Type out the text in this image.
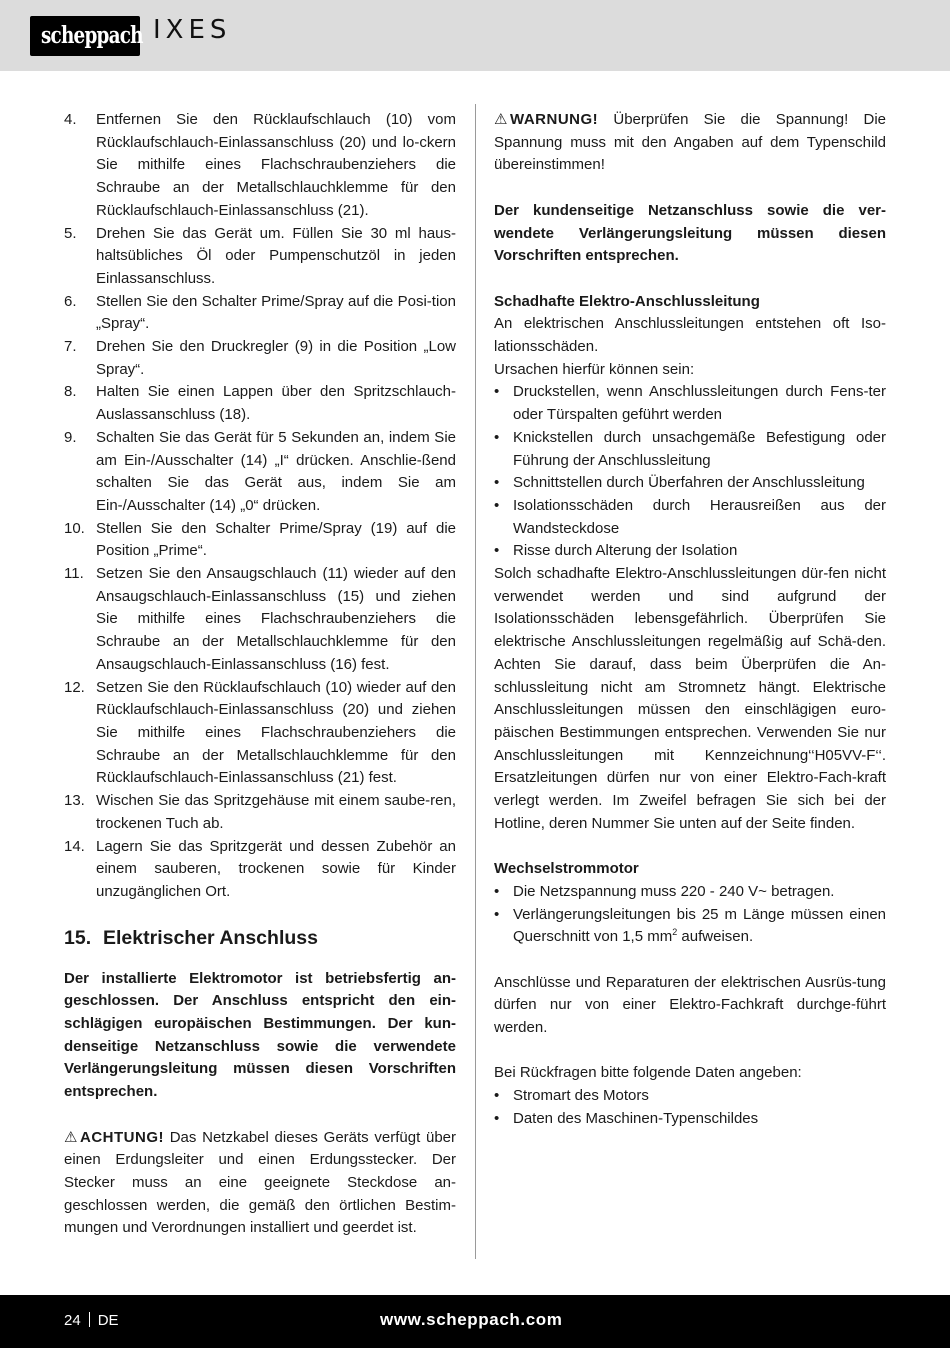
scheppach IXES
4. Entfernen Sie den Rücklaufschlauch (10) vom Rücklaufschlauch-Einlassanschluss (20) und lo-ckern Sie mithilfe eines Flachschraubenziehers die Schraube an der Metallschlauchklemme für den Rücklaufschlauch-Einlassanschluss (21).
5. Drehen Sie das Gerät um. Füllen Sie 30 ml haus-haltsübliches Öl oder Pumpenschutzöl in jeden Einlassanschluss.
6. Stellen Sie den Schalter Prime/Spray auf die Posi-tion „Spray“.
7. Drehen Sie den Druckregler (9) in die Position „Low Spray“.
8. Halten Sie einen Lappen über den Spritzschlauch-Auslassanschluss (18).
9. Schalten Sie das Gerät für 5 Sekunden an, indem Sie am Ein-/Ausschalter (14) „I“ drücken. Anschlie-ßend schalten Sie das Gerät aus, indem Sie am Ein-/Ausschalter (14) „0“ drücken.
10. Stellen Sie den Schalter Prime/Spray (19) auf die Position „Prime“.
11. Setzen Sie den Ansaugschlauch (11) wieder auf den Ansaugschlauch-Einlassanschluss (15) und ziehen Sie mithilfe eines Flachschraubenziehers die Schraube an der Metallschlauchklemme für den Ansaugschlauch-Einlassanschluss (16) fest.
12. Setzen Sie den Rücklaufschlauch (10) wieder auf den Rücklaufschlauch-Einlassanschluss (20) und ziehen Sie mithilfe eines Flachschraubenziehers die Schraube an der Metallschlauchklemme für den Rücklaufschlauch-Einlassanschluss (21) fest.
13. Wischen Sie das Spritzgehäuse mit einem saube-ren, trockenen Tuch ab.
14. Lagern Sie das Spritzgerät und dessen Zubehör an einem sauberen, trockenen sowie für Kinder unzugänglichen Ort.
15. Elektrischer Anschluss

Der installierte Elektromotor ist betriebsfertig an-geschlossen. Der Anschluss entspricht den ein-schlägigen europäischen Bestimmungen. Der kun-denseitige Netzanschluss sowie die verwendete Verlängerungsleitung müssen diesen Vorschriften entsprechen.

⚠ ACHTUNG! Das Netzkabel dieses Geräts verfügt über einen Erdungsleiter und einen Erdungsstecker. Der Stecker muss an eine geeignete Steckdose an-geschlossen werden, die gemäß den örtlichen Bestim-mungen und Verordnungen installiert und geerdet ist.

⚠ WARNUNG! Überprüfen Sie die Spannung! Die Spannung muss mit den Angaben auf dem Typenschild übereinstimmen!

Der kundenseitige Netzanschluss sowie die ver-wendete Verlängerungsleitung müssen diesen Vorschriften entsprechen.

Schadhafte Elektro-Anschlussleitung

An elektrischen Anschlussleitungen entstehen oft Iso-lationsschäden.

Ursachen hierfür können sein:

• Druckstellen, wenn Anschlussleitungen durch Fens-ter oder Türspalten geführt werden
• Knickstellen durch unsachgemäße Befestigung oder Führung der Anschlussleitung
• Schnittstellen durch Überfahren der Anschlussleitung
• Isolationsschäden durch Herausreißen aus der Wandsteckdose
• Risse durch Alterung der Isolation

Solch schadhafte Elektro-Anschlussleitungen dür-fen nicht verwendet werden und sind aufgrund der Isolationsschäden lebensgefährlich. Überprüfen Sie elektrische Anschlussleitungen regelmäßig auf Schä-den. Achten Sie darauf, dass beim Überprüfen die An-schlussleitung nicht am Stromnetz hängt. Elektrische Anschlussleitungen müssen den einschlägigen euro-päischen Bestimmungen entsprechen. Verwenden Sie nur Anschlussleitungen mit Kennzeichnung‘‘H05VV-F‘‘. Ersatzleitungen dürfen nur von einer Elektro-Fach-kraft verlegt werden. Im Zweifel befragen Sie sich bei der Hotline, deren Nummer Sie unten auf der Seite finden.

Wechselstrommotor

• Die Netzspannung muss 220 - 240 V~ betragen.
• Verlängerungsleitungen bis 25 m Länge müssen einen Querschnitt von 1,5 $mm^2$ aufweisen.

Anschlüsse und Reparaturen der elektrischen Ausrüs-tung dürfen nur von einer Elektro-Fachkraft durchge-führt werden.

Bei Rückfragen bitte folgende Daten angeben:

• Stromart des Motors
• Daten des Maschinen-Typenschildes
24 DE	www.scheppach.com
